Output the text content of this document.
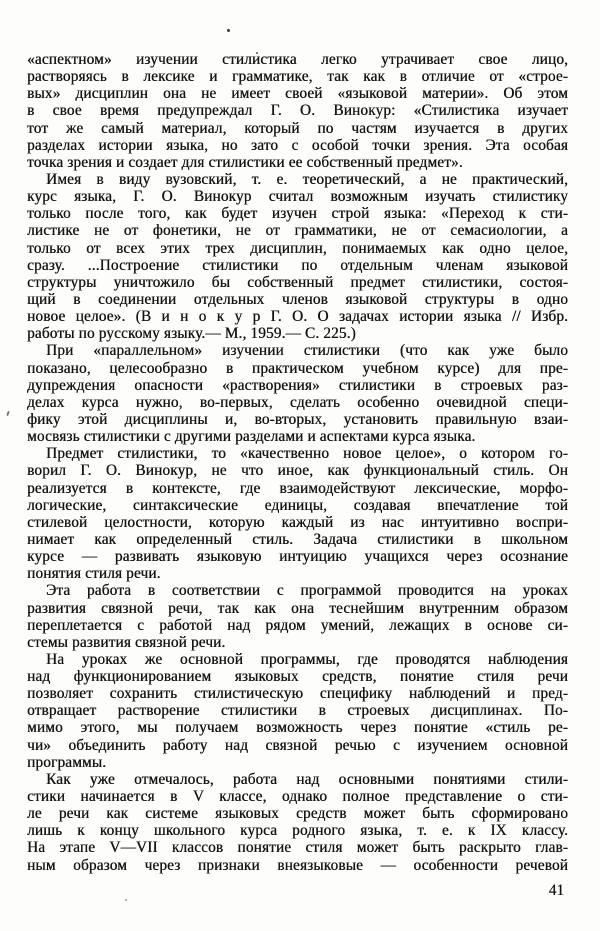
«аспектном» изучении стилистика легко утрачивает свое лицо,
растворяясь в лексике и грамматике, так как в отличие от «строе-
вых» дисциплин она не имеет своей «языковой материи». Об этом
в свое время предупреждал Г. О. Винокур: «Стилистика изучает
тот же самый материал, который по частям изучается в других
разделах истории языка, но зато с особой точки зрения. Эта особая
точка зрения и создает для стилистики ее собственный предмет».
Имея в виду вузовский, т. е. теоретический, а не практический,
курс языка, Г. О. Винокур считал возможным изучать стилистику
только после того, как будет изучен строй языка: «Переход к сти-
листике не от фонетики, не от грамматики, не от семасиологии, а
только от всех этих трех дисциплин, понимаемых как одно целое,
сразу. ...Построение стилистики по отдельным членам языковой
структуры уничтожило бы собственный предмет стилистики, состоя-
щий в соединении отдельных членов языковой структуры в одно
новое целое». (В и н о к у р Г. О. О задачах истории языка // Избр.
работы по русскому языку.— М., 1959.— С. 225.)
При «параллельном» изучении стилистики (что как уже было
показано, целесообразно в практическом учебном курсе) для пре-
дупреждения опасности «растворения» стилистики в строевых раз-
делах курса нужно, во-первых, сделать особенно очевидной специ-
фику этой дисциплины и, во-вторых, установить правильную взаи-
мосвязь стилистики с другими разделами и аспектами курса языка.
Предмет стилистики, то «качественно новое целое», о котором го-
ворил Г. О. Винокур, не что иное, как функциональный стиль. Он
реализуется в контексте, где взаимодействуют лексические, морфо-
логические, синтаксические единицы, создавая впечатление той
стилевой целостности, которую каждый из нас интуитивно воспри-
нимает как определенный стиль. Задача стилистики в школьном
курсе — развивать языковую интуицию учащихся через осознание
понятия стиля речи.
Эта работа в соответствии с программой проводится на уроках
развития связной речи, так как она теснейшим внутренним образом
переплетается с работой над рядом умений, лежащих в основе си-
стемы развития связной речи.
На уроках же основной программы, где проводятся наблюдения
над функционированием языковых средств, понятие стиля речи
позволяет сохранить стилистическую специфику наблюдений и пред-
отвращает растворение стилистики в строевых дисциплинах. По-
мимо этого, мы получаем возможность через понятие «стиль ре-
чи» объединить работу над связной речью с изучением основной
программы.
Как уже отмечалось, работа над основными понятиями стили-
стики начинается в V классе, однако полное представление о сти-
ле речи как системе языковых средств может быть сформировано
лишь к концу школьного курса родного языка, т. е. к IX классу.
На этапе V—VII классов понятие стиля может быть раскрыто глав-
ным образом через признаки внеязыковые — особенности речевой
41
